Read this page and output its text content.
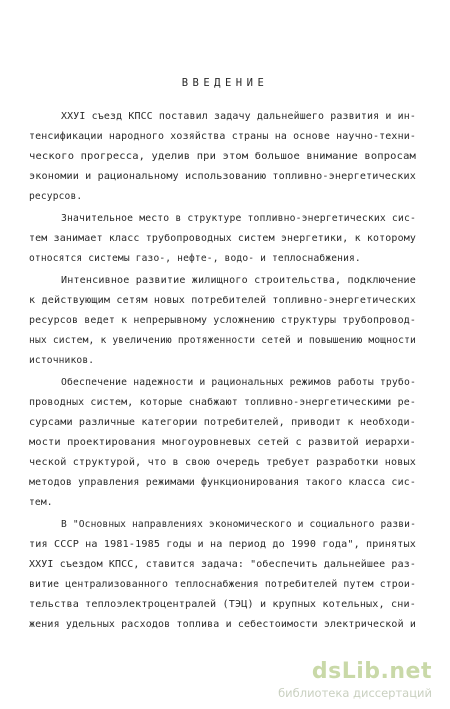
ВВЕДЕНИЕ
ХХУI съезд КПСС поставил задачу дальнейшего развития и ин-
тенсификации народного хозяйства страны на основе научно-техни-
ческого прогресса, уделив при этом большое внимание вопросам
экономии и рациональному использованию топливно-энергетических
ресурсов.
Значительное место в структуре топливно-энергетических сис-
тем занимает класс трубопроводных систем энергетики, к которому
относятся системы газо-, нефте-, водо- и теплоснабжения.
Интенсивное развитие жилищного строительства, подключение
к действующим сетям новых потребителей топливно-энергетических
ресурсов ведет к непрерывному усложнению структуры трубопровод-
ных систем, к увеличению протяженности сетей и повышению мощности
источников.
Обеспечение надежности и рациональных режимов работы трубо-
проводных систем, которые снабжают топливно-энергетическими ре-
сурсами различные категории потребителей, приводит к необходи-
мости проектирования многоуровневых сетей с развитой иерархи-
ческой структурой, что в свою очередь требует разработки новых
методов управления режимами функционирования такого класса сис-
тем.
В "Основных направлениях экономического и социального разви-
тия СССР на 1981-1985 годы и на период до 1990 года", принятых
ХХУI съездом КПСС, ставится задача: "обеспечить дальнейшее раз-
витие централизованного теплоснабжения потребителей путем строи-
тельства теплоэлектроцентралей (ТЭЦ) и крупных котельных, сни-
жения удельных расходов топлива и себестоимости электрической и
dsLib.net
библиотека диссертаций
